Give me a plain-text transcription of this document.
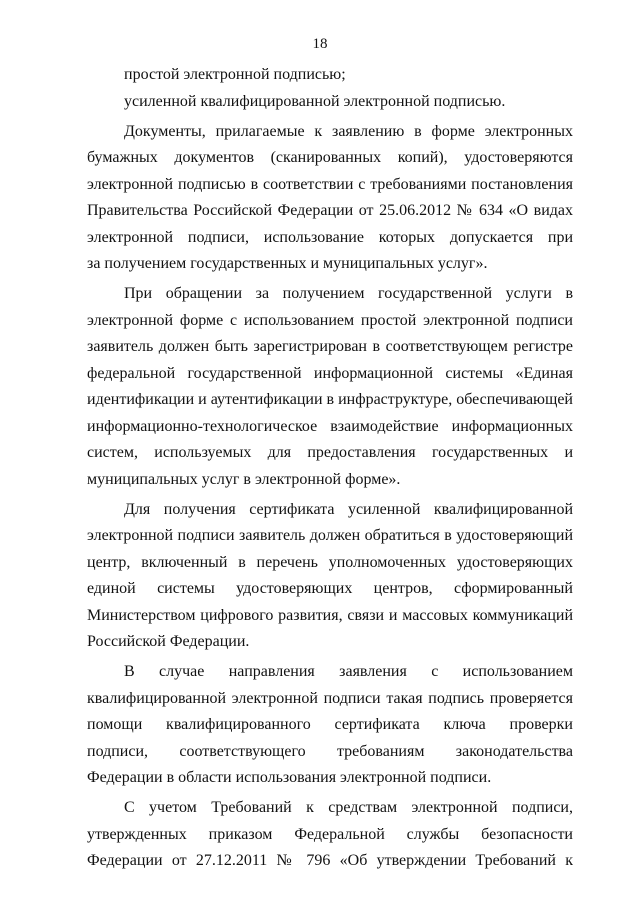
18
простой электронной подписью;
усиленной квалифицированной электронной подписью.
Документы, прилагаемые к заявлению в форме электронных
бумажных документов (сканированных копий), удостоверяются
электронной подписью в соответствии с требованиями постановления
Правительства Российской Федерации от 25.06.2012 № 634 «О видах
электронной подписи, использование которых допускается при
за получением государственных и муниципальных услуг».
При обращении за получением государственной услуги в
электронной форме с использованием простой электронной подписи
заявитель должен быть зарегистрирован в соответствующем регистре
федеральной государственной информационной системы «Единая
идентификации и аутентификации в инфраструктуре, обеспечивающей
информационно-технологическое взаимодействие информационных
систем, используемых для предоставления государственных и
муниципальных услуг в электронной форме».
Для получения сертификата усиленной квалифицированной
электронной подписи заявитель должен обратиться в удостоверяющий
центр, включенный в перечень уполномоченных удостоверяющих
единой системы удостоверяющих центров, сформированный
Министерством цифрового развития, связи и массовых коммуникаций
Российской Федерации.
В случае направления заявления с использованием
квалифицированной электронной подписи такая подпись проверяется
помощи квалифицированного сертификата ключа проверки
подписи, соответствующего требованиям законодательства
Федерации в области использования электронной подписи.
С учетом Требований к средствам электронной подписи,
утвержденных приказом Федеральной службы безопасности
Федерации от 27.12.2011 № 796 «Об утверждении Требований к
